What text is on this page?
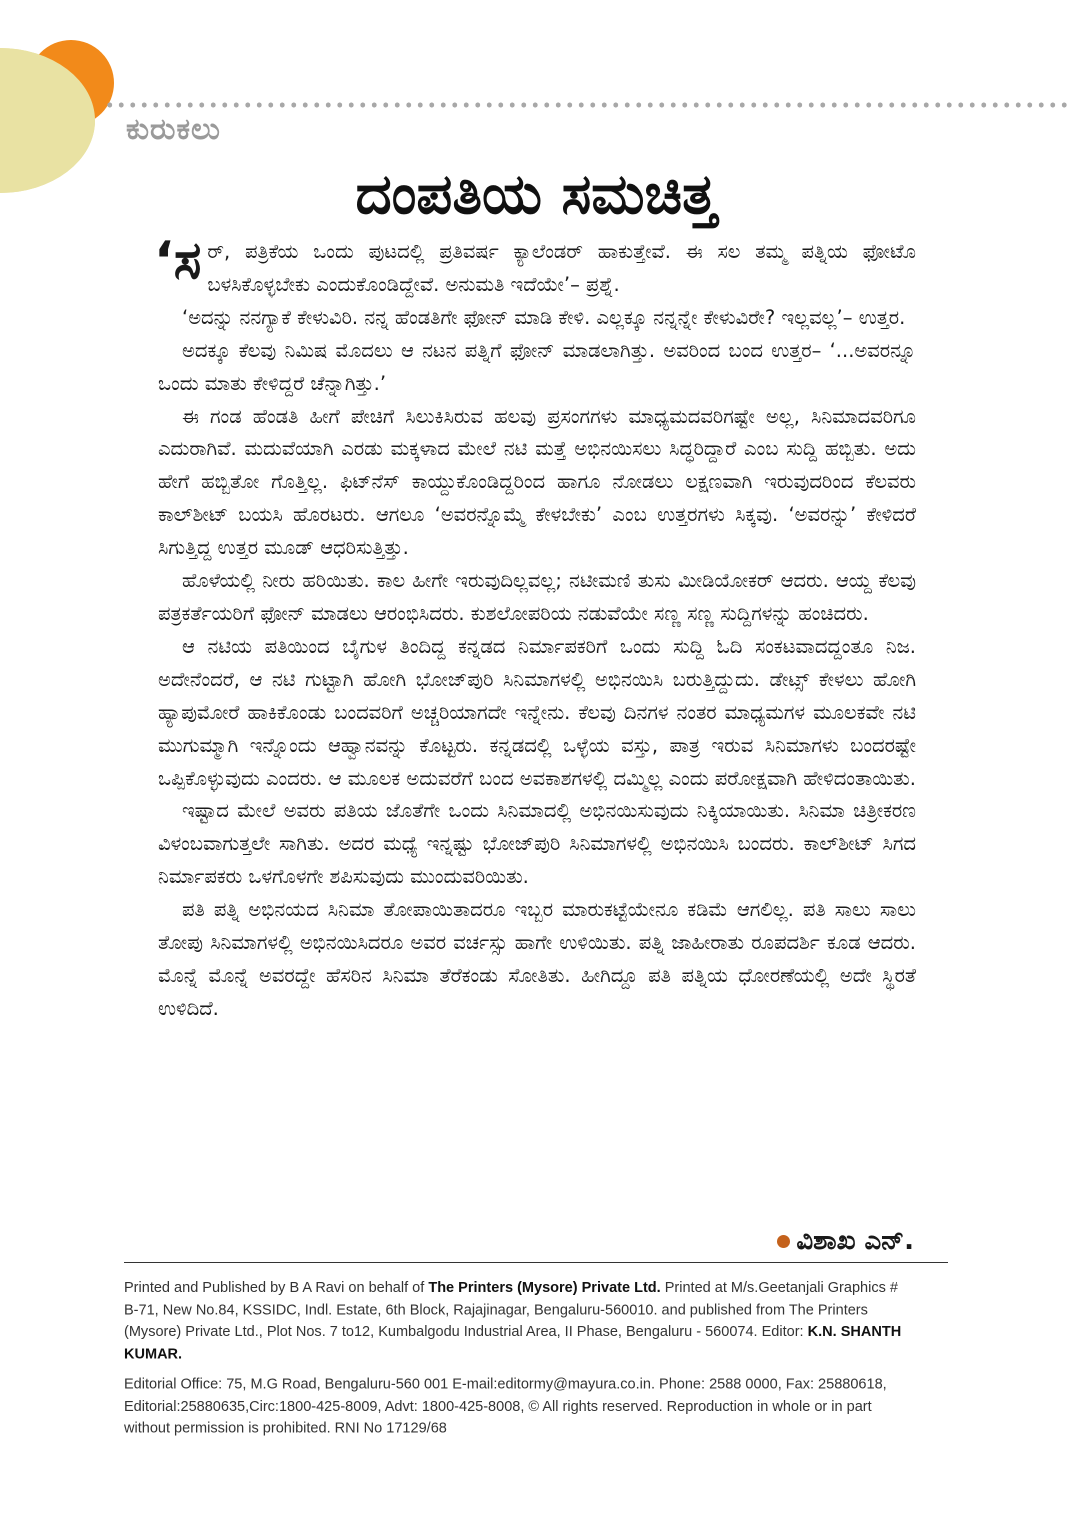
ಕುರುಕಲು
ದಂಪತಿಯ ಸಮಚಿತ್ತ

‘ಸರ್, ಪತ್ರಿಕೆಯ ಒಂದು ಪುಟದಲ್ಲಿ ಪ್ರತಿವರ್ಷ ಕ್ಯಾಲೆಂಡರ್ ಹಾಕುತ್ತೇವೆ. ಈ ಸಲ ತಮ್ಮ ಪತ್ನಿಯ ಫೋಟೊ ಬಳಸಿಕೊಳ್ಳಬೇಕು ಎಂದುಕೊಂಡಿದ್ದೇವೆ. ಅನುಮತಿ ಇದೆಯೇ’– ಪ್ರಶ್ನೆ.

‘ಅದನ್ನು ನನಗ್ಯಾಕೆ ಕೇಳುವಿರಿ. ನನ್ನ ಹೆಂಡತಿಗೇ ಫೋನ್ ಮಾಡಿ ಕೇಳಿ. ಎಲ್ಲಕ್ಕೂ ನನ್ನನ್ನೇ ಕೇಳುವಿರೇ? ಇಲ್ಲವಲ್ಲ’– ಉತ್ತರ.

ಅದಕ್ಕೂ ಕೆಲವು ನಿಮಿಷ ಮೊದಲು ಆ ನಟನ ಪತ್ನಿಗೆ ಫೋನ್ ಮಾಡಲಾಗಿತ್ತು. ಅವರಿಂದ ಬಂದ ಉತ್ತರ– ‘...ಅವರನ್ನೂ ಒಂದು ಮಾತು ಕೇಳಿದ್ದರೆ ಚೆನ್ನಾಗಿತ್ತು.’

ಈ ಗಂಡ ಹೆಂಡತಿ ಹೀಗೆ ಪೇಚಿಗೆ ಸಿಲುಕಿಸಿರುವ ಹಲವು ಪ್ರಸಂಗಗಳು ಮಾಧ್ಯಮದವರಿಗಷ್ಟೇ ಅಲ್ಲ, ಸಿನಿಮಾದವರಿಗೂ ಎದುರಾಗಿವೆ. ಮದುವೆಯಾಗಿ ಎರಡು ಮಕ್ಕಳಾದ ಮೇಲೆ ನಟಿ ಮತ್ತೆ ಅಭಿನಯಿಸಲು ಸಿದ್ಧರಿದ್ದಾರೆ ಎಂಬ ಸುದ್ದಿ ಹಬ್ಬಿತು. ಅದು ಹೇಗೆ ಹಬ್ಬಿತೋ ಗೊತ್ತಿಲ್ಲ. ಫಿಟ್‌ನೆಸ್ ಕಾಯ್ದುಕೊಂಡಿದ್ದರಿಂದ ಹಾಗೂ ನೋಡಲು ಲಕ್ಷಣವಾಗಿ ಇರುವುದರಿಂದ ಕೆಲವರು ಕಾಲ್‌ಶೀಟ್ ಬಯಸಿ ಹೊರಟರು. ಆಗಲೂ ‘ಅವರನ್ನೊಮ್ಮೆ ಕೇಳಬೇಕು’ ಎಂಬ ಉತ್ತರಗಳು ಸಿಕ್ಕವು. ‘ಅವರನ್ನು’ ಕೇಳಿದರೆ ಸಿಗುತ್ತಿದ್ದ ಉತ್ತರ ಮೂಡ್ ಆಧರಿಸುತ್ತಿತ್ತು.

ಹೊಳೆಯಲ್ಲಿ ನೀರು ಹರಿಯಿತು. ಕಾಲ ಹೀಗೇ ಇರುವುದಿಲ್ಲವಲ್ಲ; ನಟೀಮಣಿ ತುಸು ಮೀಡಿಯೋಕರ್ ಆದರು. ಆಯ್ದ ಕೆಲವು ಪತ್ರಕರ್ತೆಯರಿಗೆ ಫೋನ್ ಮಾಡಲು ಆರಂಭಿಸಿದರು. ಕುಶಲೋಪರಿಯ ನಡುವೆಯೇ ಸಣ್ಣ ಸಣ್ಣ ಸುದ್ದಿಗಳನ್ನು ಹಂಚಿದರು.

ಆ ನಟಿಯ ಪತಿಯಿಂದ ಬೈಗುಳ ತಿಂದಿದ್ದ ಕನ್ನಡದ ನಿರ್ಮಾಪಕರಿಗೆ ಒಂದು ಸುದ್ದಿ ಓದಿ ಸಂಕಟವಾದದ್ದಂತೂ ನಿಜ. ಅದೇನೆಂದರೆ, ಆ ನಟಿ ಗುಟ್ಟಾಗಿ ಹೋಗಿ ಭೋಜ್‌ಪುರಿ ಸಿನಿಮಾಗಳಲ್ಲಿ ಅಭಿನಯಿಸಿ ಬರುತ್ತಿದ್ದುದು. ಡೇಟ್ಸ್ ಕೇಳಲು ಹೋಗಿ ಹ್ಯಾಪುಮೋರೆ ಹಾಕಿಕೊಂಡು ಬಂದವರಿಗೆ ಅಚ್ಚರಿಯಾಗದೇ ಇನ್ನೇನು. ಕೆಲವು ದಿನಗಳ ನಂತರ ಮಾಧ್ಯಮಗಳ ಮೂಲಕವೇ ನಟಿ ಮುಗುಮ್ಮಾಗಿ ಇನ್ನೊಂದು ಆಹ್ವಾನವನ್ನು ಕೊಟ್ಟರು. ಕನ್ನಡದಲ್ಲಿ ಒಳ್ಳೆಯ ವಸ್ತು, ಪಾತ್ರ ಇರುವ ಸಿನಿಮಾಗಳು ಬಂದರಷ್ಟೇ ಒಪ್ಪಿಕೊಳ್ಳುವುದು ಎಂದರು. ಆ ಮೂಲಕ ಅದುವರೆಗೆ ಬಂದ ಅವಕಾಶಗಳಲ್ಲಿ ದಮ್ಮಿಲ್ಲ ಎಂದು ಪರೋಕ್ಷವಾಗಿ ಹೇಳಿದಂತಾಯಿತು.

ಇಷ್ಟಾದ ಮೇಲೆ ಅವರು ಪತಿಯ ಜೊತೆಗೇ ಒಂದು ಸಿನಿಮಾದಲ್ಲಿ ಅಭಿನಯಿಸುವುದು ನಿಕ್ಕಿಯಾಯಿತು. ಸಿನಿಮಾ ಚಿತ್ರೀಕರಣ ವಿಳಂಬವಾಗುತ್ತಲೇ ಸಾಗಿತು. ಅದರ ಮಧ್ಯೆ ಇನ್ನಷ್ಟು ಭೋಜ್‌ಪುರಿ ಸಿನಿಮಾಗಳಲ್ಲಿ ಅಭಿನಯಿಸಿ ಬಂದರು. ಕಾಲ್‌ಶೀಟ್ ಸಿಗದ ನಿರ್ಮಾಪಕರು ಒಳಗೊಳಗೇ ಶಪಿಸುವುದು ಮುಂದುವರಿಯಿತು.

ಪತಿ ಪತ್ನಿ ಅಭಿನಯದ ಸಿನಿಮಾ ತೋಪಾಯಿತಾದರೂ ಇಬ್ಬರ ಮಾರುಕಟ್ಟೆಯೇನೂ ಕಡಿಮೆ ಆಗಲಿಲ್ಲ. ಪತಿ ಸಾಲು ಸಾಲು ತೋಪು ಸಿನಿಮಾಗಳಲ್ಲಿ ಅಭಿನಯಿಸಿದರೂ ಅವರ ವರ್ಚಸ್ಸು ಹಾಗೇ ಉಳಿಯಿತು. ಪತ್ನಿ ಜಾಹೀರಾತು ರೂಪದರ್ಶಿ ಕೂಡ ಆದರು. ಮೊನ್ನೆ ಮೊನ್ನೆ ಅವರದ್ದೇ ಹೆಸರಿನ ಸಿನಿಮಾ ತೆರೆಕಂಡು ಸೋತಿತು. ಹೀಗಿದ್ದೂ ಪತಿ ಪತ್ನಿಯ ಧೋರಣೆಯಲ್ಲಿ ಅದೇ ಸ್ಥಿರತೆ ಉಳಿದಿದೆ.

ವಿಶಾಖ ಎನ್.

Printed and Published by B A Ravi on behalf of The Printers (Mysore) Private Ltd. Printed at M/s.Geetanjali Graphics # B-71, New No.84, KSSIDC, Indl. Estate, 6th Block, Rajajinagar, Bengaluru-560010. and published from The Printers (Mysore) Private Ltd., Plot Nos. 7 to12, Kumbalgodu Industrial Area, II Phase, Bengaluru - 560074. Editor: K.N. SHANTH KUMAR.

Editorial Office: 75, M.G Road, Bengaluru-560 001 E-mail:editormy@mayura.co.in. Phone: 2588 0000, Fax: 25880618, Editorial:25880635,Circ:1800-425-8009, Advt: 1800-425-8008, © All rights reserved. Reproduction in whole or in part without permission is prohibited. RNI No 17129/68
